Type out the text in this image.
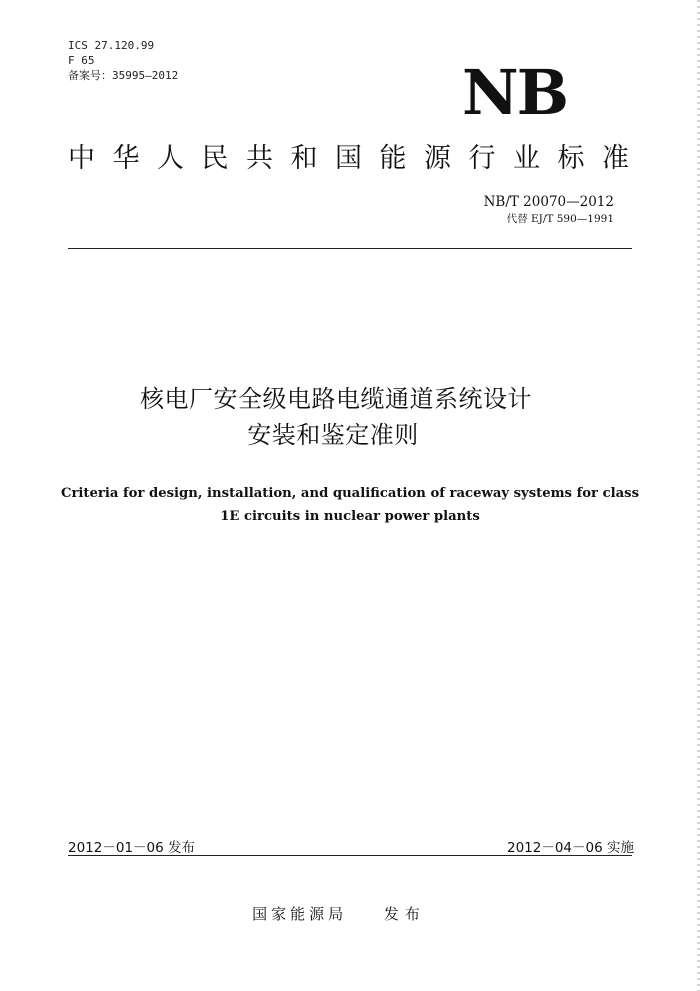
ICS 27.120.99
F 65
备案号：35995—2012	NB
中华人民共和国能源行业标准
NB/T 20070—2012
代替 EJ/T 590—1991
核电厂安全级电路电缆通道系统设计
安装和鉴定准则
Criteria for design, installation, and qualification of raceway systems for class
1E circuits in nuclear power plants
2012－01－06 发布	2012－04－06 实施
国家能源局 发布
